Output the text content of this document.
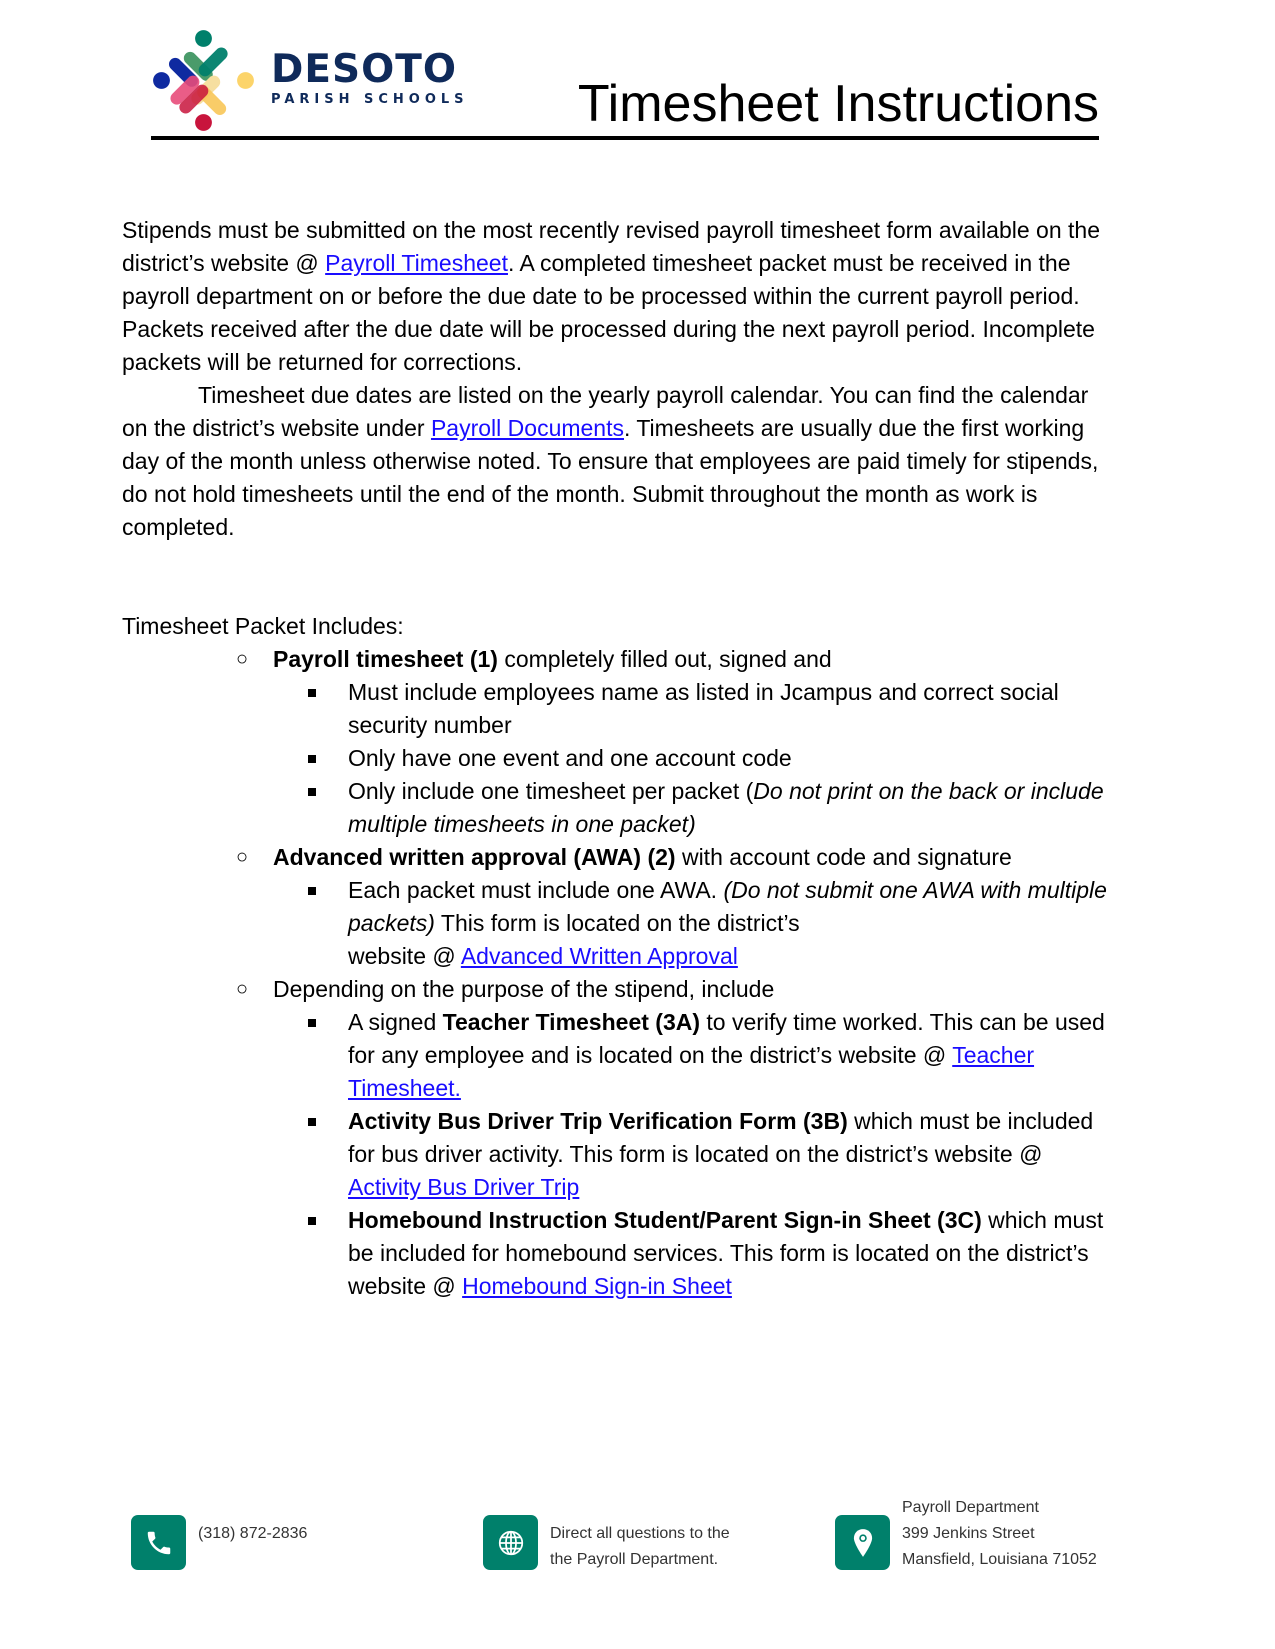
DESOTO
PARISH SCHOOLS Timesheet Instructions

Stipends must be submitted on the most recently revised payroll timesheet form available on the district’s website @ Payroll Timesheet. A completed timesheet packet must be received in the payroll department on or before the due date to be processed within the current payroll period. Packets received after the due date will be processed during the next payroll period. Incomplete packets will be returned for corrections.

Timesheet due dates are listed on the yearly payroll calendar. You can find the calendar on the district’s website under Payroll Documents. Timesheets are usually due the first working day of the month unless otherwise noted. To ensure that employees are paid timely for stipends, do not hold timesheets until the end of the month. Submit throughout the month as work is completed.

Timesheet Packet Includes:

○ Payroll timesheet (1) completely filled out, signed and
Must include employees name as listed in Jcampus and correct social security number
Only have one event and one account code
Only include one timesheet per packet (Do not print on the back or include multiple timesheets in one packet)
○ Advanced written approval (AWA) (2) with account code and signature
Each packet must include one AWA. (Do not submit one AWA with multiple packets) This form is located on the district’s
website @ Advanced Written Approval
○ Depending on the purpose of the stipend, include
A signed Teacher Timesheet (3A) to verify time worked. This can be used for any employee and is located on the district’s website @ Teacher Timesheet.
Activity Bus Driver Trip Verification Form (3B) which must be included for bus driver activity. This form is located on the district’s website @ Activity Bus Driver Trip
Homebound Instruction Student/Parent Sign-in Sheet (3C) which must be included for homebound services. This form is located on the district’s website @ Homebound Sign-in Sheet
(318) 872-2836	Direct all questions to the
the Payroll Department.
Payroll Department
399 Jenkins Street
Mansfield, Louisiana 71052
